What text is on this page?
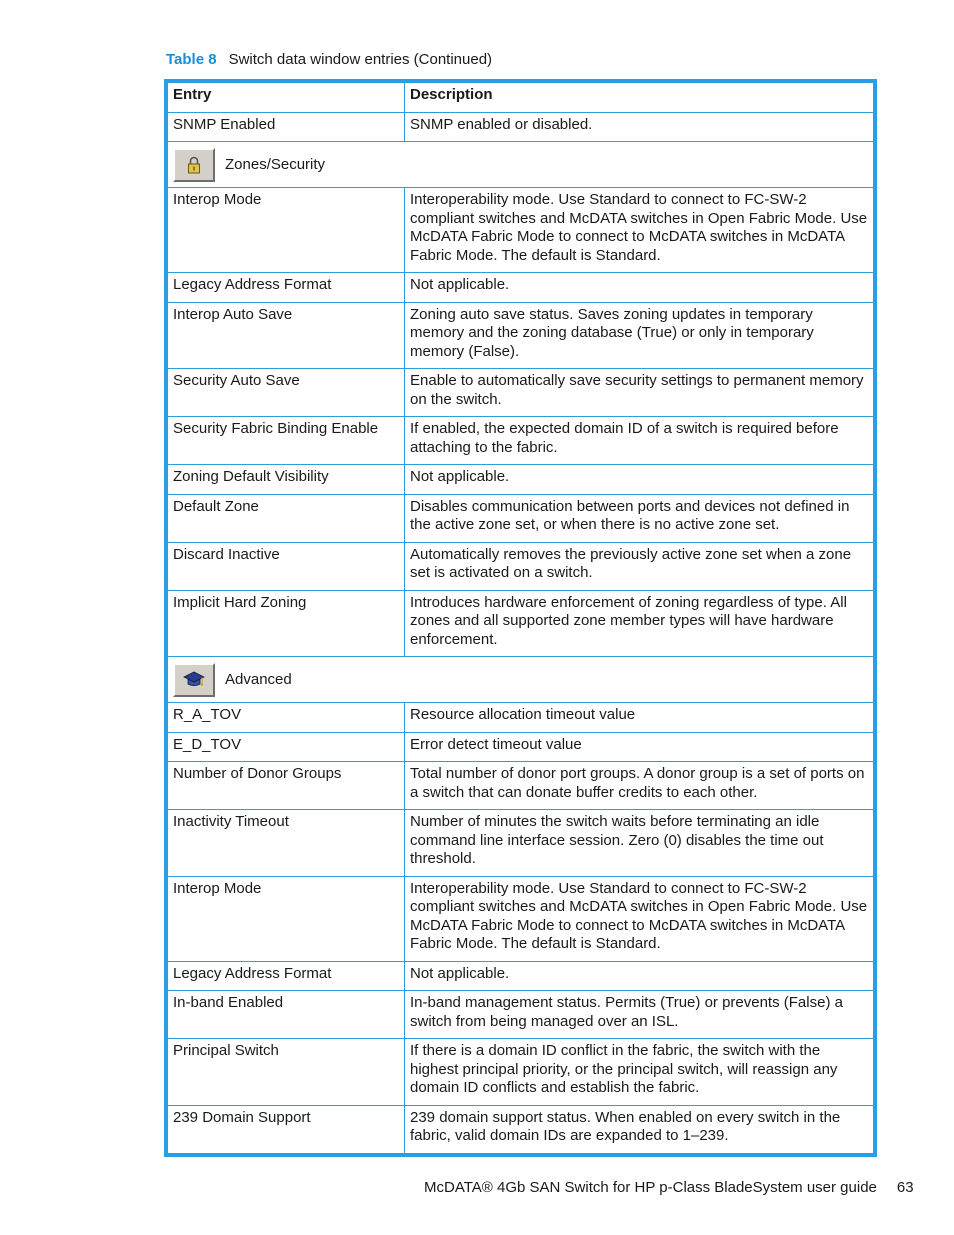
Table 8 Switch data window entries (Continued)
Entry	Description
SNMP Enabled	SNMP enabled or disabled.

Zones/Security	

Interop Mode	Interoperability mode. Use Standard to connect to FC-SW-2 compliant switches and McDATA switches in Open Fabric Mode. Use McDATA Fabric Mode to connect to McDATA switches in McDATA Fabric Mode. The default is Standard.
Legacy Address Format	Not applicable.
Interop Auto Save	Zoning auto save status. Saves zoning updates in temporary memory and the zoning database (True) or only in temporary memory (False).
Security Auto Save	Enable to automatically save security settings to permanent memory on the switch.
Security Fabric Binding Enable	If enabled, the expected domain ID of a switch is required before attaching to the fabric.
Zoning Default Visibility	Not applicable.
Default Zone	Disables communication between ports and devices not defined in the active zone set, or when there is no active zone set.
Discard Inactive	Automatically removes the previously active zone set when a zone set is activated on a switch.
Implicit Hard Zoning	Introduces hardware enforcement of zoning regardless of type. All zones and all supported zone member types will have hardware enforcement.

Advanced	

R_A_TOV	Resource allocation timeout value
E_D_TOV	Error detect timeout value
Number of Donor Groups	Total number of donor port groups. A donor group is a set of ports on a switch that can donate buffer credits to each other.
Inactivity Timeout	Number of minutes the switch waits before terminating an idle command line interface session. Zero (0) disables the time out threshold.
Interop Mode	Interoperability mode. Use Standard to connect to FC-SW-2 compliant switches and McDATA switches in Open Fabric Mode. Use McDATA Fabric Mode to connect to McDATA switches in McDATA Fabric Mode. The default is Standard.
Legacy Address Format	Not applicable.
In-band Enabled	In-band management status. Permits (True) or prevents (False) a switch from being managed over an ISL.
Principal Switch	If there is a domain ID conflict in the fabric, the switch with the highest principal priority, or the principal switch, will reassign any domain ID conflicts and establish the fabric.
239 Domain Support	239 domain support status. When enabled on every switch in the fabric, valid domain IDs are expanded to 1–239.
McDATA® 4Gb SAN Switch for HP p-Class BladeSystem user guide 63
